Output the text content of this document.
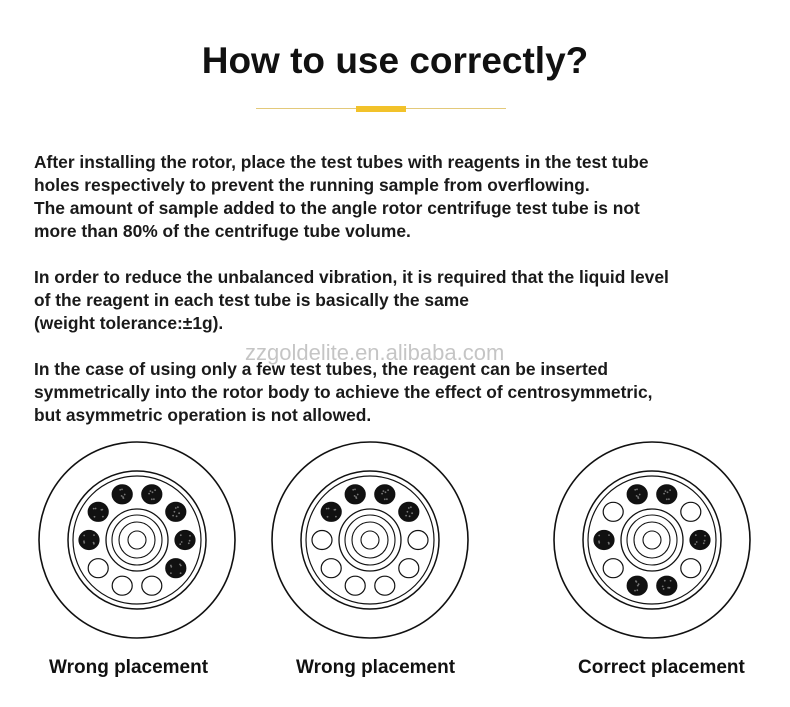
How to use correctly?
After installing the rotor, place the test tubes with reagents in the test tube
holes respectively to prevent the running sample from overflowing.
The amount of sample added to the angle rotor centrifuge test tube is not
more than 80% of the centrifuge tube volume.
In order to reduce the unbalanced vibration, it is required that the liquid level
of the reagent in each test tube is basically the same
(weight tolerance:±1g).
In the case of using only a few test tubes, the reagent can be inserted
symmetrically into the rotor body to achieve the effect of centrosymmetric,
but asymmetric operation is not allowed.
zzgoldelite.en.alibaba.com
Wrong placement	Wrong placement	Correct placement
